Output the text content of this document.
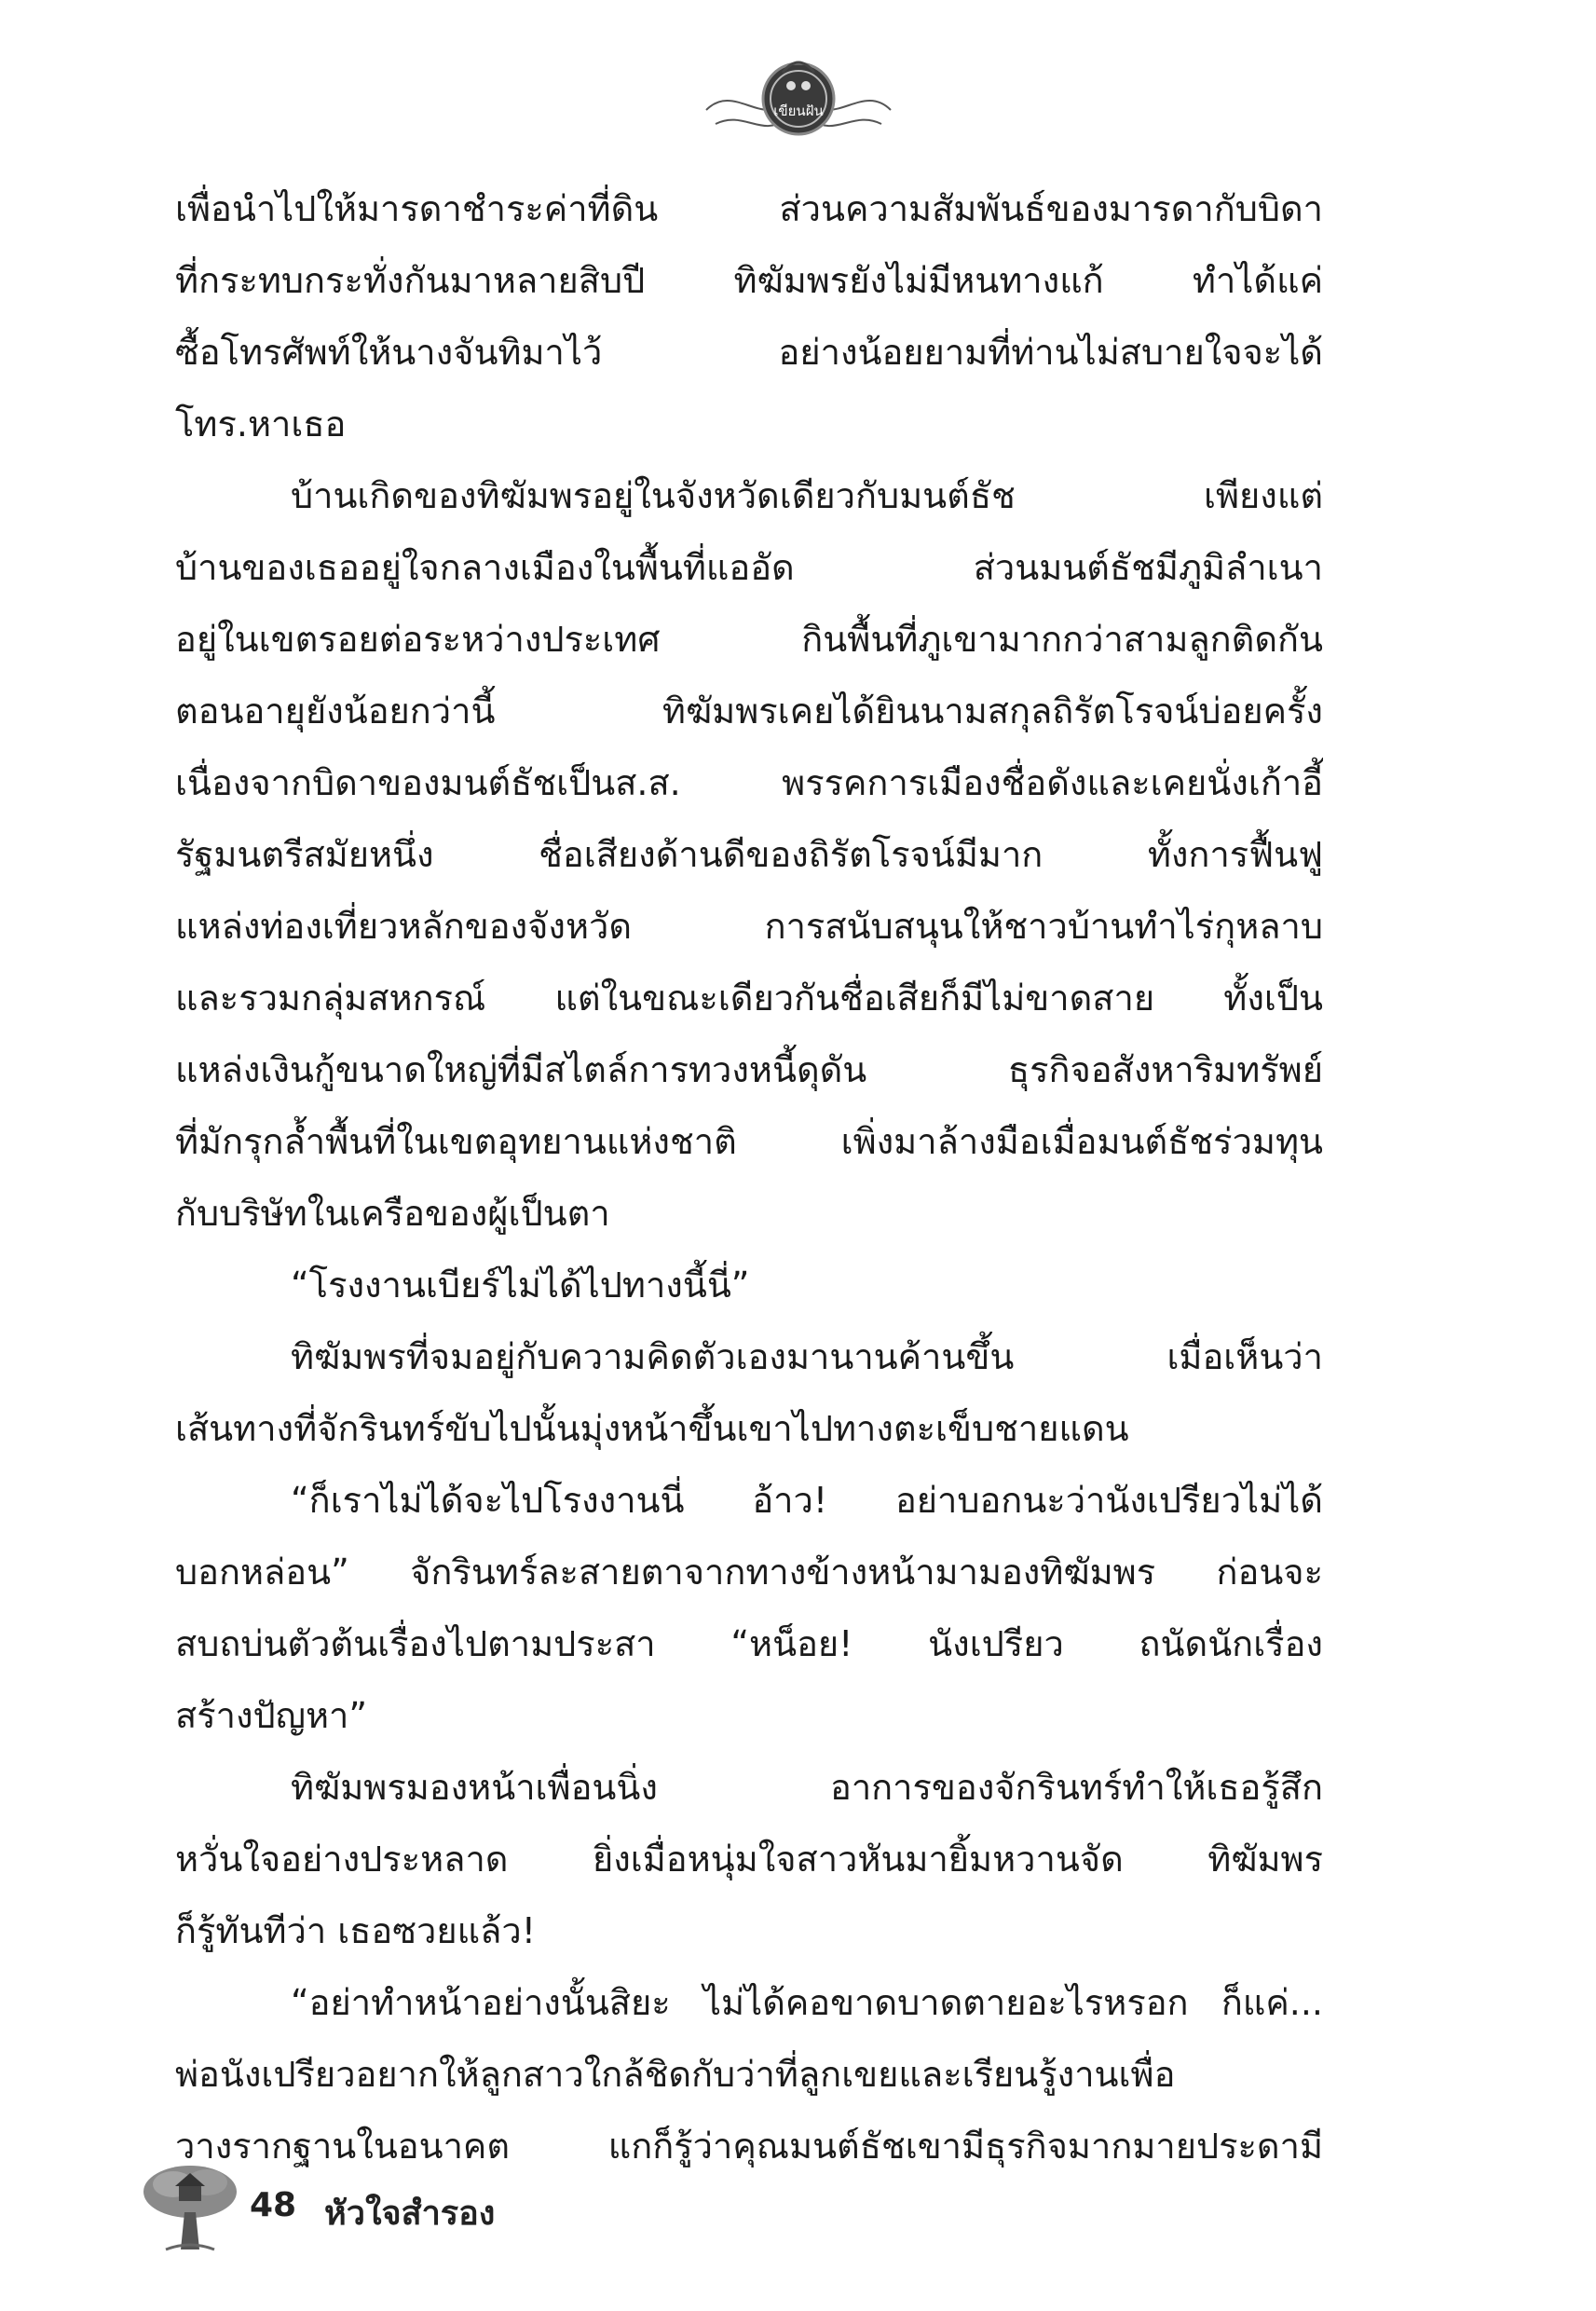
เขียนฝัน
เพื่อนำไปให้มารดาชำระค่าที่ดิน	ส่วนความสัมพันธ์ของมารดากับบิดา
ที่กระทบกระทั่งกันมาหลายสิบปี	ทิฆัมพรยังไม่มีหนทางแก้	ทำได้แค่
ซื้อโทรศัพท์ให้นางจันทิมาไว้	อย่างน้อยยามที่ท่านไม่สบายใจจะได้
โทร.หาเธอ
บ้านเกิดของทิฆัมพรอยู่ในจังหวัดเดียวกับมนต์ธัช	เพียงแต่
บ้านของเธออยู่ใจกลางเมืองในพื้นที่แออัด	ส่วนมนต์ธัชมีภูมิลำเนา
อยู่ในเขตรอยต่อระหว่างประเทศ	กินพื้นที่ภูเขามากกว่าสามลูกติดกัน
ตอนอายุยังน้อยกว่านี้	ทิฆัมพรเคยได้ยินนามสกุลถิรัตโรจน์บ่อยครั้ง
เนื่องจากบิดาของมนต์ธัชเป็นส.ส.	พรรคการเมืองชื่อดังและเคยนั่งเก้าอี้
รัฐมนตรีสมัยหนึ่ง	ชื่อเสียงด้านดีของถิรัตโรจน์มีมาก	ทั้งการฟื้นฟู
แหล่งท่องเที่ยวหลักของจังหวัด	การสนับสนุนให้ชาวบ้านทำไร่กุหลาบ
และรวมกลุ่มสหกรณ์ แต่ในขณะเดียวกันชื่อเสียก็มีไม่ขาดสาย ทั้งเป็น
แหล่งเงินกู้ขนาดใหญ่ที่มีสไตล์การทวงหนี้ดุดัน	ธุรกิจอสังหาริมทรัพย์
ที่มักรุกล้ำพื้นที่ในเขตอุทยานแห่งชาติ	เพิ่งมาล้างมือเมื่อมนต์ธัชร่วมทุน
กับบริษัทในเครือของผู้เป็นตา
“โรงงานเบียร์ไม่ได้ไปทางนี้นี่”
ทิฆัมพรที่จมอยู่กับความคิดตัวเองมานานค้านขึ้น	เมื่อเห็นว่า
เส้นทางที่จักรินทร์ขับไปนั้นมุ่งหน้าขึ้นเขาไปทางตะเข็บชายแดน
“ก็เราไม่ได้จะไปโรงงานนี่ อ้าว! อย่าบอกนะว่านังเปรียวไม่ได้
บอกหล่อน” จักรินทร์ละสายตาจากทางข้างหน้ามามองทิฆัมพร ก่อนจะ
สบถบ่นตัวต้นเรื่องไปตามประสา “หน็อย! นังเปรียว ถนัดนักเรื่อง
สร้างปัญหา”
ทิฆัมพรมองหน้าเพื่อนนิ่ง	อาการของจักรินทร์ทำให้เธอรู้สึก
หวั่นใจอย่างประหลาด ยิ่งเมื่อหนุ่มใจสาวหันมายิ้มหวานจัด ทิฆัมพร
ก็รู้ทันทีว่า เธอซวยแล้ว!
“อย่าทำหน้าอย่างนั้นสิยะ ไม่ได้คอขาดบาดตายอะไรหรอก ก็แค่...
พ่อนังเปรียวอยากให้ลูกสาวใกล้ชิดกับว่าที่ลูกเขยและเรียนรู้งานเพื่อ
วางรากฐานในอนาคต	แกก็รู้ว่าคุณมนต์ธัชเขามีธุรกิจมากมายประดามี
48 หัวใจสำรอง
